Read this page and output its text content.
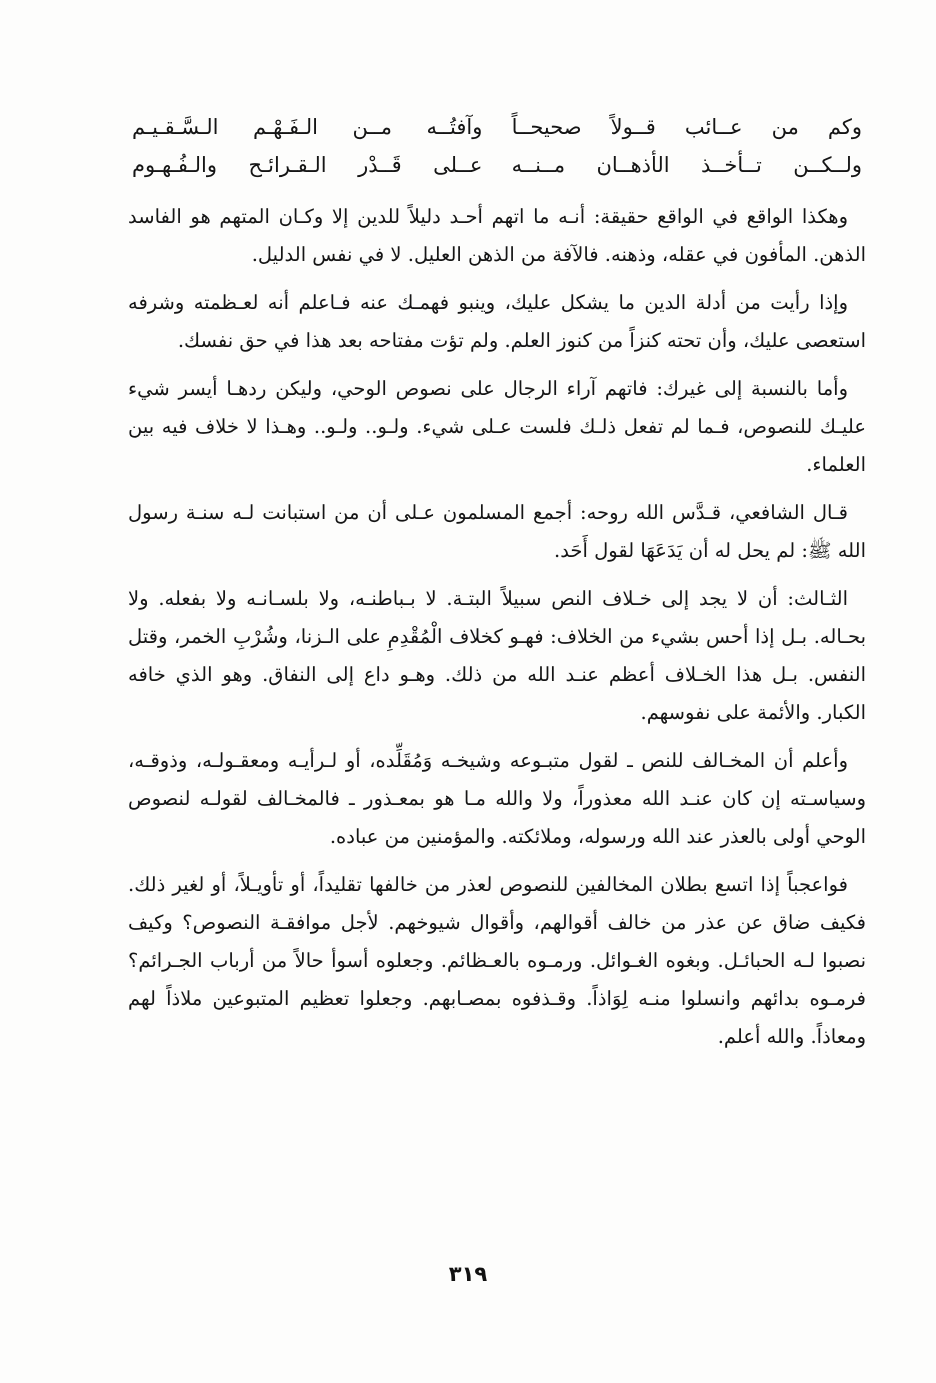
وكم من عــائب قــولاً صحيحــاً
وآفتُــه مــن الـفَـهْـم الـسَّـقـيـم
ولــكــن تــأخــذ الأذهــان مــنــه
عــلى قَــدْر الـقـرائـح والـفُـهـوم

وهكذا الواقع في الواقع حقيقة: أنـه ما اتهم أحـد دليلاً للدين إلا وكـان المتهم هو الفاسد الذهن. المأفون في عقله، وذهنه. فالآفة من الذهن العليل. لا في نفس الدليل.

وإذا رأيت من أدلة الدين ما يشكل عليك، وينبو فهمـك عنه فـاعلم أنه لعـظمته وشرفه استعصى عليك، وأن تحته كنزاً من كنوز العلم. ولم تؤت مفتاحه بعد هذا في حق نفسك.

وأما بالنسبة إلى غيرك: فاتهم آراء الرجال على نصوص الوحي، وليكن ردهـا أيسر شيء عليـك للنصوص، فـما لم تفعل ذلـك فلست عـلى شيء. ولـو.. ولـو.. وهـذا لا خلاف فيه بين العلماء.

قـال الشافعي، قـدَّس الله روحه: أجمع المسلمون عـلى أن من استبانت لـه سنـة رسول الله ﷺ: لم يحل له أن يَدَعَهَا لقول أَحَد.

الثـالث: أن لا يجد إلى خـلاف النص سبيلاً البتـة. لا بـباطنـه، ولا بلسـانـه ولا بفعله. ولا بحـاله. بـل إذا أحس بشيء من الخلاف: فهـو كخلاف الْمُقْدِمِ على الـزنا، وشُرْبِ الخمر، وقتل النفس. بـل هذا الخـلاف أعظم عنـد الله من ذلك. وهـو داع إلى النفاق. وهو الذي خافه الكبار. والأئمة على نفوسهم.

وأعلم أن المخـالف للنص ـ لقول متبـوعه وشيخـه وَمُقَلِّده، أو لـرأيـه ومعقـولـه، وذوقـه، وسياسـته إن كان عنـد الله معذوراً، ولا والله مـا هو بمعـذور ـ فالمخـالف لقولـه لنصوص الوحي أولى بالعذر عند الله ورسوله، وملائكته. والمؤمنين من عباده.

فواعجباً إذا اتسع بطلان المخالفين للنصوص لعذر من خالفها تقليداً، أو تأويـلاً، أو لغير ذلك. فكيف ضاق عن عذر من خالف أقوالهم، وأقوال شيوخهم. لأجل موافقـة النصوص؟ وكيف نصبوا لـه الحبائـل. وبغوه الغـوائل. ورمـوه بالعـظائم. وجعلوه أسوأ حالاً من أرباب الجـرائم؟ فرمـوه بدائهم وانسلوا منـه لِوَاذاً. وقـذفوه بمصـابهم. وجعلوا تعظيم المتبوعين ملاذاً لهم ومعاذاً. والله أعلم.

٣١٩
